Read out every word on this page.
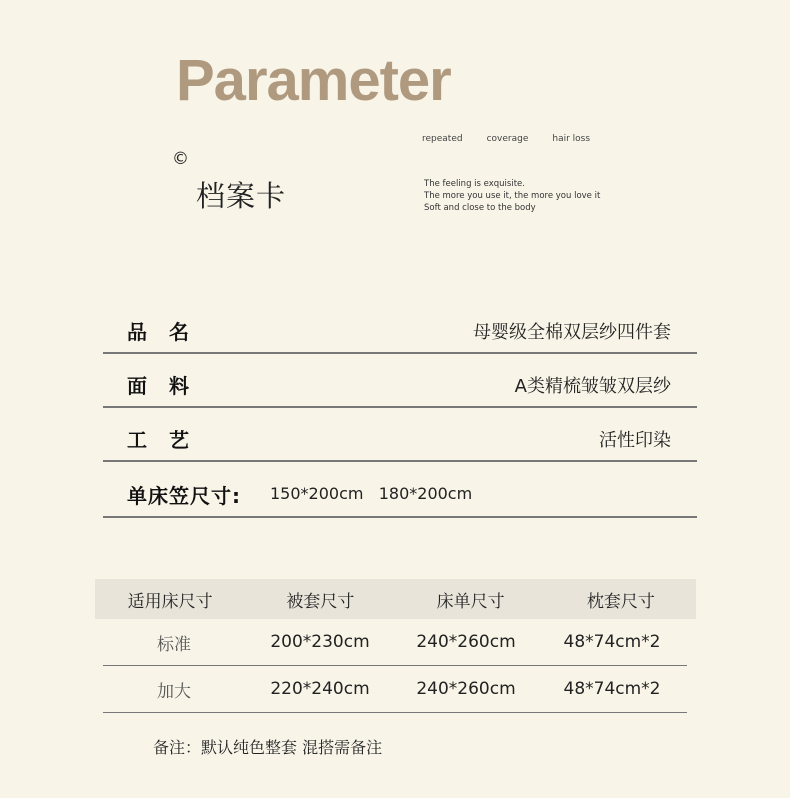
Parameter
©
档案卡
repeated	coverage	hair loss
The feeling is exquisite.
The more you use it, the more you love it
Soft and close to the body
品名	母婴级全棉双层纱四件套
面料	A类精梳皱皱双层纱
工艺	活性印染
单床笠尺寸: 150*200cm   180*200cm
适用床尺寸	被套尺寸	床单尺寸	枕套尺寸
标准	200*230cm	240*260cm	48*74cm*2
加大	220*240cm	240*260cm	48*74cm*2
备注：默认纯色整套 混搭需备注
